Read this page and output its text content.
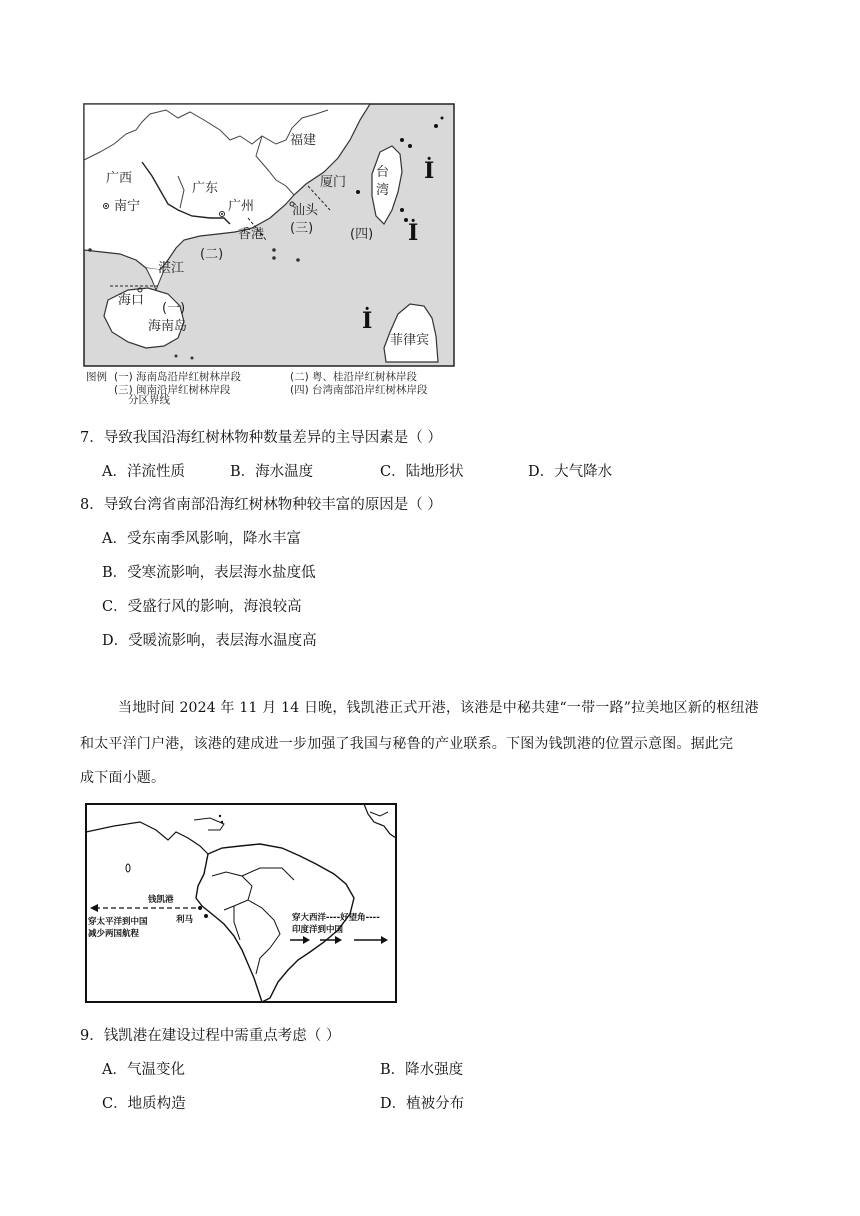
İ
İ
İ
福建
广西
广东
南宁	广州
厦门
汕头
香港
湛江
海口
海南岛
台
湾
菲律宾
(一)
(二)
(三)	(四)
图例 (一) 海南岛沿岸红树林岸段	(二) 粤、桂沿岸红树林岸段
(三) 闽南沿岸红树林岸段	(四) 台湾南部沿岸红树林岸段
分区界线
7．导致我国沿海红树林物种数量差异的主导因素是（ ）
A．洋流性质	B．海水温度	C．陆地形状	D．大气降水
8．导致台湾省南部沿海红树林物种较丰富的原因是（ ）
A．受东南季风影响，降水丰富
B．受寒流影响，表层海水盐度低
C．受盛行风的影响，海浪较高
D．受暖流影响，表层海水温度高
当地时间 2024 年 11 月 14 日晚，钱凯港正式开港，该港是中秘共建“一带一路”拉美地区新的枢纽港
和太平洋门户港，该港的建成进一步加强了我国与秘鲁的产业联系。下图为钱凯港的位置示意图。据此完
成下面小题。
钱凯港
利马
穿太平洋到中国
减少两国航程
穿大西洋----好望角----
印度洋到中国
9．钱凯港在建设过程中需重点考虑（ ）
A．气温变化	B．降水强度
C．地质构造	D．植被分布
